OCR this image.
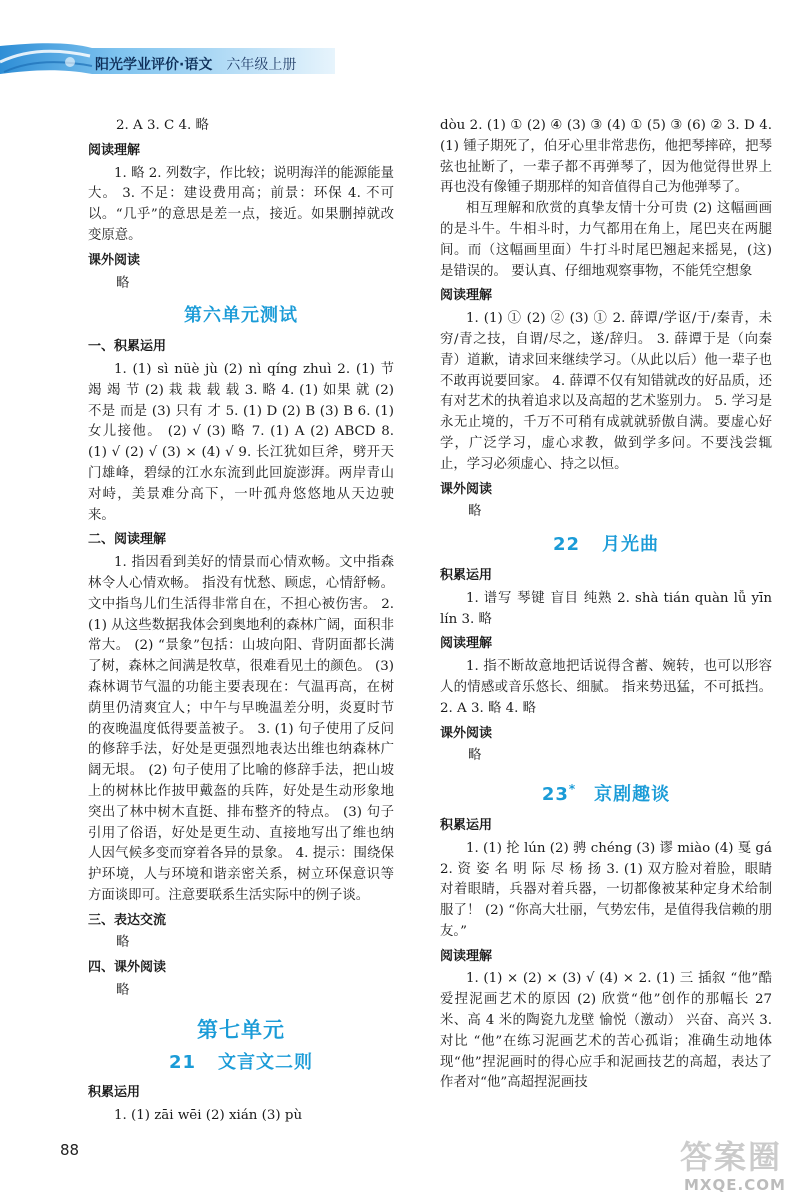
阳光学业评价·语文 六年级上册

2. A 3. C 4. 略

阅读理解

1. 略 2. 列数字，作比较；说明海洋的能源能量大。 3. 不足：建设费用高；前景：环保 4. 不可以。“几乎”的意思是差一点，接近。如果删掉就改变原意。

课外阅读

略

第六单元测试
一、积累运用

1. (1) sì nüè jù (2) nì qíng zhuì 2. (1) 节 竭 竭 节 (2) 栽 栽 载 载 3. 略 4. (1) 如果 就 (2) 不是 而是 (3) 只有 才 5. (1) D (2) B (3) B 6. (1) 女儿接他。 (2) √ (3) 略 7. (1) A (2) ABCD 8. (1) √ (2) √ (3) × (4) √ 9. 长江犹如巨斧，劈开天门雄峰，碧绿的江水东流到此回旋澎湃。两岸青山对峙，美景难分高下，一叶孤舟悠悠地从天边驶来。

二、阅读理解

1. 指因看到美好的情景而心情欢畅。文中指森林令人心情欢畅。 指没有忧愁、顾虑，心情舒畅。文中指鸟儿们生活得非常自在，不担心被伤害。 2. (1) 从这些数据我体会到奥地利的森林广阔，面积非常大。 (2) “景象”包括：山坡向阳、背阴面都长满了树，森林之间满是牧草，很难看见土的颜色。 (3) 森林调节气温的功能主要表现在：气温再高，在树荫里仍清爽宜人；中午与早晚温差分明，炎夏时节的夜晚温度低得要盖被子。 3. (1) 句子使用了反问的修辞手法，好处是更强烈地表达出维也纳森林广阔无垠。 (2) 句子使用了比喻的修辞手法，把山坡上的树林比作披甲戴盔的兵阵，好处是生动形象地突出了林中树木直挺、排布整齐的特点。 (3) 句子引用了俗语，好处是更生动、直接地写出了维也纳人因气候多变而穿着各异的景象。 4. 提示：围绕保护环境，人与环境和谐亲密关系，树立环保意识等方面谈即可。注意要联系生活实际中的例子谈。

三、表达交流

略

四、课外阅读

略

第七单元
21 文言文二则
积累运用

1. (1) zāi wēi (2) xián (3) pù

dòu 2. (1) ① (2) ④ (3) ③ (4) ① (5) ③ (6) ② 3. D 4. (1) 锺子期死了，伯牙心里非常悲伤，他把琴摔碎，把琴弦也扯断了，一辈子都不再弹琴了，因为他觉得世界上再也没有像锺子期那样的知音值得自己为他弹琴了。

相互理解和欣赏的真挚友情十分可贵 (2) 这幅画画的是斗牛。牛相斗时，力气都用在角上，尾巴夹在两腿间。而（这幅画里面）牛打斗时尾巴翘起来摇晃，(这) 是错误的。 要认真、仔细地观察事物，不能凭空想象

阅读理解

1. (1) ① (2) ② (3) ① 2. 薛谭/学讴/于/秦青，未穷/青之技，自谓/尽之，遂/辞归。 3. 薛谭于是（向秦青）道歉，请求回来继续学习。（从此以后）他一辈子也不敢再说要回家。 4. 薛谭不仅有知错就改的好品质，还有对艺术的执着追求以及高超的艺术鉴别力。 5. 学习是永无止境的，千万不可稍有成就就骄傲自满。要虚心好学，广泛学习，虚心求教，做到学多问。不要浅尝辄止，学习必须虚心、持之以恒。

课外阅读

略

22 月光曲
积累运用

1. 谱写 琴键 盲目 纯熟 2. shà tián quàn lǚ yīn lín 3. 略

阅读理解

1. 指不断故意地把话说得含蓄、婉转，也可以形容人的情感或音乐悠长、细腻。 指来势迅猛，不可抵挡。 2. A 3. 略 4. 略

课外阅读

略

23* 京剧趣谈
积累运用

1. (1) 抡 lún (2) 骋 chéng (3) 谬 miào (4) 戛 gá 2. 资 姿 名 明 际 尽 杨 扬 3. (1) 双方脸对着脸，眼睛对着眼睛，兵器对着兵器，一切都像被某种定身术给制服了！ (2) “你高大壮丽，气势宏伟，是值得我信赖的朋友。”

阅读理解

1. (1) × (2) × (3) √ (4) × 2. (1) 三 插叙 “他”酷爱捏泥画艺术的原因 (2) 欣赏“他”创作的那幅长 27 米、高 4 米的陶瓷九龙壁 愉悦（激动） 兴奋、高兴 3. 对比 “他”在练习泥画艺术的苦心孤诣；准确生动地体现“他”捏泥画时的得心应手和泥画技艺的高超，表达了作者对“他”高超捏泥画技

88	答案圈
MXQE.COM
